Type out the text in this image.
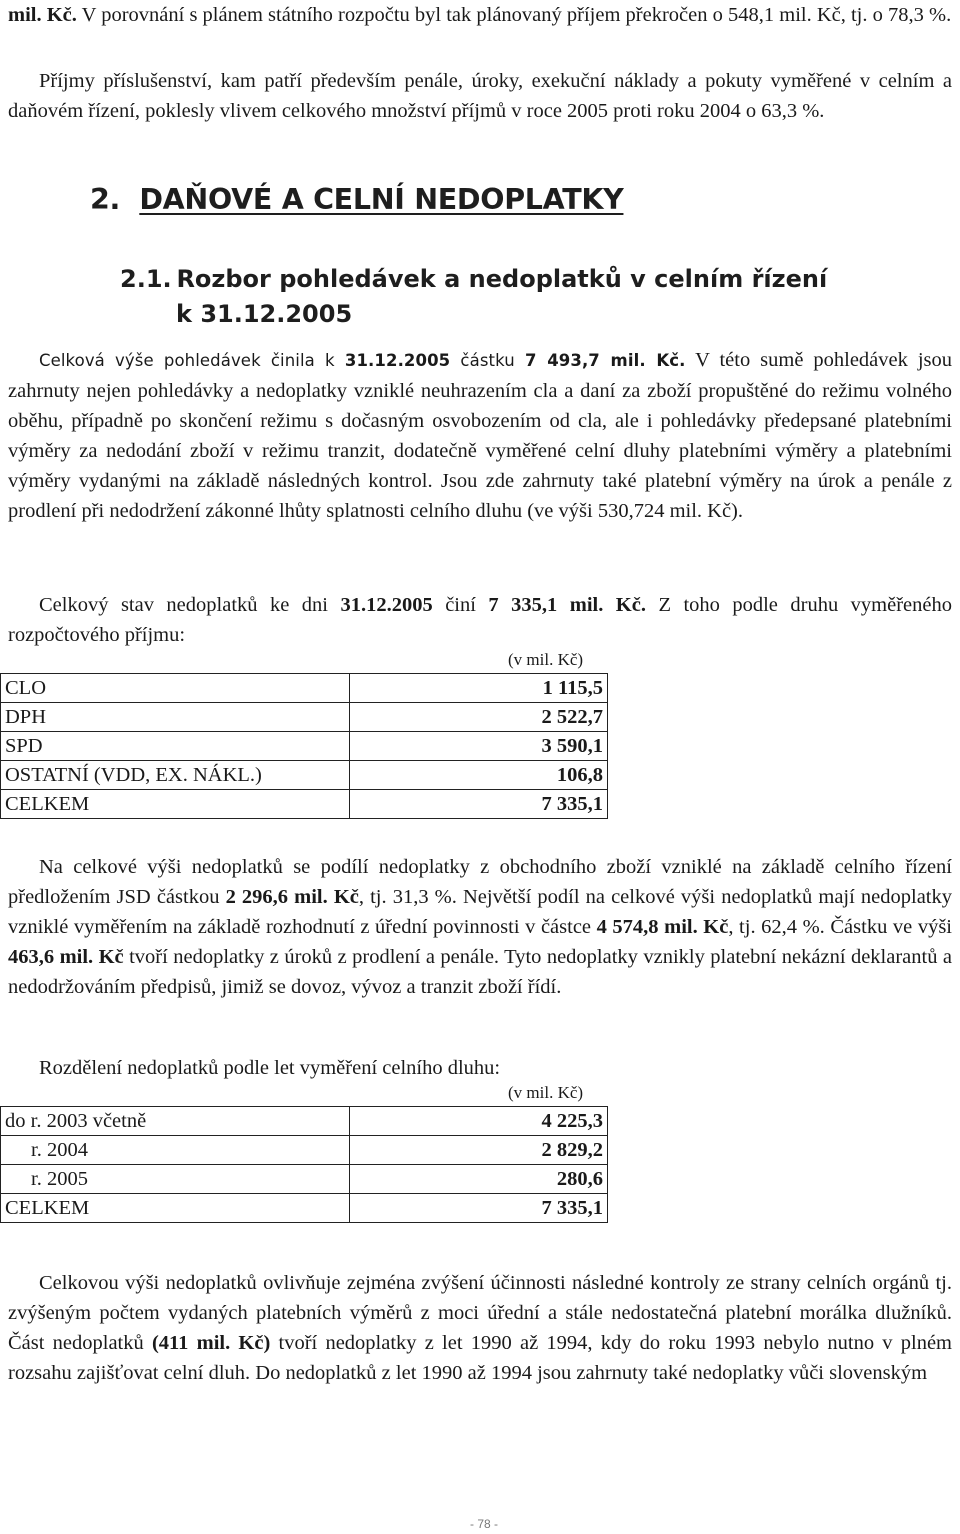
mil. Kč. V porovnání s plánem státního rozpočtu byl tak plánovaný příjem překročen o 548,1 mil. Kč, tj. o 78,3 %.

Příjmy příslušenství, kam patří především penále, úroky, exekuční náklady a pokuty vyměřené v celním a daňovém řízení, poklesly vlivem celkového množství příjmů v roce 2005 proti roku 2004 o 63,3 %.

2. DAŇOVÉ A CELNÍ NEDOPLATKY
2.1.  Rozbor pohledávek a nedoplatků v celním řízení
k 31.12.2005

Celková výše pohledávek činila k 31.12.2005 částku 7 493,7 mil. Kč. V této sumě pohledávek jsou zahrnuty nejen pohledávky a nedoplatky vzniklé neuhrazením cla a daní za zboží propuštěné do režimu volného oběhu, případně po skončení režimu s dočasným osvobozením od cla, ale i pohledávky předepsané platebními výměry za nedodání zboží v režimu tranzit, dodatečně vyměřené celní dluhy platebními výměry a platebními výměry vydanými na základě následných kontrol. Jsou zde zahrnuty také platební výměry na úrok a penále z prodlení při nedodržení zákonné lhůty splatnosti celního dluhu (ve výši 530,724 mil. Kč).

Celkový stav nedoplatků ke dni 31.12.2005 činí 7 335,1 mil. Kč. Z toho podle druhu vyměřeného rozpočtového příjmu:

(v mil. Kč)
CLO	1 115,5
DPH	2 522,7
SPD	3 590,1
OSTATNÍ (VDD, EX. NÁKL.)	106,8
CELKEM	7 335,1

Na celkové výši nedoplatků se podílí nedoplatky z obchodního zboží vzniklé na základě celního řízení předložením JSD částkou 2 296,6 mil. Kč, tj. 31,3 %. Největší podíl na celkové výši nedoplatků mají nedoplatky vzniklé vyměřením na základě rozhodnutí z úřední povinnosti v částce 4 574,8 mil. Kč, tj. 62,4 %. Částku ve výši 463,6 mil. Kč tvoří nedoplatky z úroků z prodlení a penále. Tyto nedoplatky vznikly platební nekázní deklarantů a nedodržováním předpisů, jimiž se dovoz, vývoz a tranzit zboží řídí.

Rozdělení nedoplatků podle let vyměření celního dluhu:

(v mil. Kč)
do r. 2003 včetně	4 225,3
r. 2004	2 829,2
r. 2005	280,6
CELKEM	7 335,1

Celkovou výši nedoplatků ovlivňuje zejména zvýšení účinnosti následné kontroly ze strany celních orgánů tj. zvýšeným počtem vydaných platebních výměrů z moci úřední a stále nedostatečná platební morálka dlužníků. Část nedoplatků (411 mil. Kč) tvoří nedoplatky z let 1990 až 1994, kdy do roku 1993 nebylo nutno v plném rozsahu zajišťovat celní dluh. Do nedoplatků z let 1990 až 1994 jsou zahrnuty také nedoplatky vůči slovenským

- 78 -
